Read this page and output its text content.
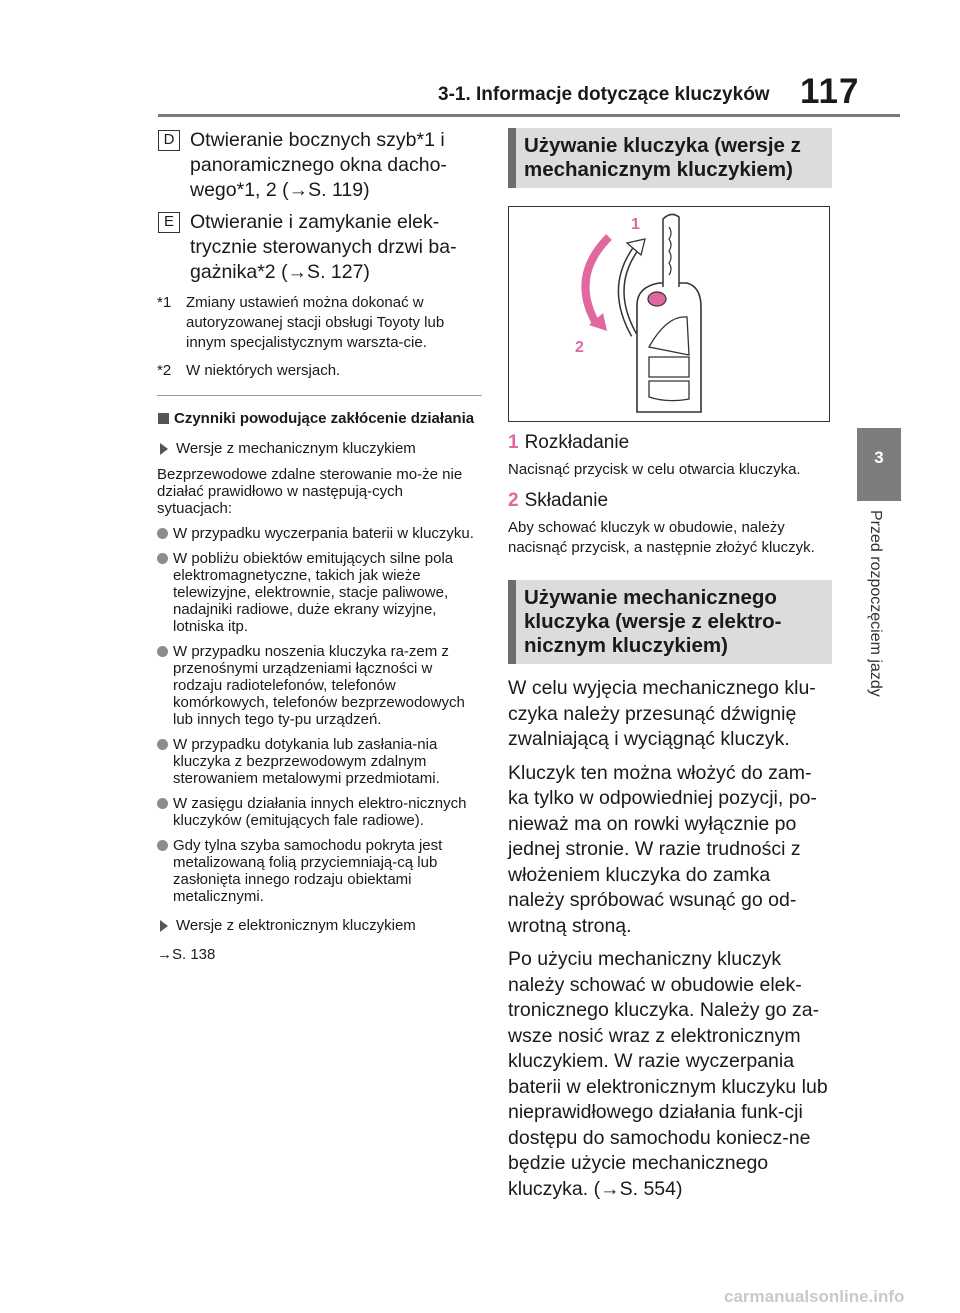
3-1. Informacje dotyczące kluczyków 117
3
Przed rozpoczęciem jazdy
D Otwieranie bocznych szyb*1 i panoramicznego okna dacho-wego*1, 2 (→S. 119)
E Otwieranie i zamykanie elek-trycznie sterowanych drzwi ba-gażnika*2 (→S. 127)
*1 Zmiany ustawień można dokonać w autoryzowanej stacji obsługi Toyoty lub innym specjalistycznym warszta-cie.
*2 W niektórych wersjach.
Czynniki powodujące zakłócenie działania
Wersje z mechanicznym kluczykiem
Bezprzewodowe zdalne sterowanie mo-że nie działać prawidłowo w następują-cych sytuacjach:
W przypadku wyczerpania baterii w kluczyku.
W pobliżu obiektów emitujących silne pola elektromagnetyczne, takich jak wieże telewizyjne, elektrownie, stacje paliwowe, nadajniki radiowe, duże ekrany wizyjne, lotniska itp.
W przypadku noszenia kluczyka ra-zem z przenośnymi urządzeniami łączności w rodzaju radiotelefonów, telefonów komórkowych, telefonów bezprzewodowych lub innych tego ty-pu urządzeń.
W przypadku dotykania lub zasłania-nia kluczyka z bezprzewodowym zdalnym sterowaniem metalowymi przedmiotami.
W zasięgu działania innych elektro-nicznych kluczyków (emitujących fale radiowe).
Gdy tylna szyba samochodu pokryta jest metalizowaną folią przyciemniają-cą lub zasłonięta innego rodzaju obiektami metalicznymi.
Wersje z elektronicznym kluczykiem
→S. 138
Używanie kluczyka (wersje z mechanicznym kluczykiem)
1
2
1 Rozkładanie
Nacisnąć przycisk w celu otwarcia kluczyka.
2 Składanie
Aby schować kluczyk w obudowie, należy nacisnąć przycisk, a następnie złożyć kluczyk.
Używanie mechanicznego kluczyka (wersje z elektro-nicznym kluczykiem)
W celu wyjęcia mechanicznego klu-czyka należy przesunąć dźwignię zwalniającą i wyciągnąć kluczyk.
Kluczyk ten można włożyć do zam-ka tylko w odpowiedniej pozycji, po-nieważ ma on rowki wyłącznie po jednej stronie. W razie trudności z włożeniem kluczyka do zamka należy spróbować wsunąć go od-wrotną stroną.
Po użyciu mechaniczny kluczyk należy schować w obudowie elek-tronicznego kluczyka. Należy go za-wsze nosić wraz z elektronicznym kluczykiem. W razie wyczerpania baterii w elektronicznym kluczyku lub nieprawidłowego działania funk-cji dostępu do samochodu koniecz-ne będzie użycie mechanicznego kluczyka. (→S. 554)
carmanualsonline.info
